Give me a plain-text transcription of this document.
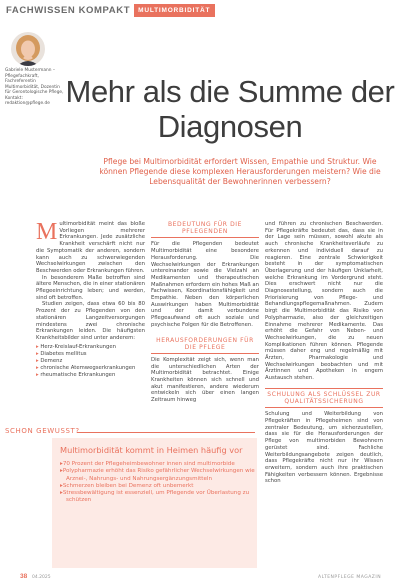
FACHWISSEN KOMPAKT	MULTIMORBIDITÄT
Gabriele Mustermann – Pflegefachkraft, Fachreferentin Multimorbidität, Dozentin für Gerontologische Pflege, Kontakt: redaktion@pflege.de Mehr als die Summe der Diagnosen
Pflege bei Multimorbidität erfordert Wissen, Empathie und Struktur. Wie können Pflegende diese komplexen Herausforderungen meistern? Wie die Lebensqualität der Bewohnerinnen verbessern?
M ultimorbidität meint das bloße Vorliegen mehrerer Erkrankungen. Jede zusätzliche Krankheit verschärft nicht nur die Symptomatik der anderen, sondern kann auch zu schwerwiegenden Wechselwirkungen zwischen den Beschwerden oder Erkrankungen führen.

In besonderem Maße betroffen sind ältere Menschen, die in einer stationären Pflegeeinrichtung leben; und werden, sind oft betroffen.

Studien zeigen, dass etwa 60 bis 80 Prozent der zu Pflegenden von den stationären Langzeitversorgungen mindestens zwei chronische Erkrankungen leiden. Die häufigsten Krankheitsbilder sind unter anderem:

▸ Herz-Kreislauf-Erkrankungen
▸ Diabetes mellitus
▸ Demenz
▸ chronische Atemwegserkrankungen
▸ rheumatische Erkrankungen
BEDEUTUNG FÜR DIE PFLEGENDEN
Für die Pflegenden bedeutet Multimorbidität eine besondere Herausforderung. Die Wechselwirkungen der Erkrankungen untereinander sowie die Vielzahl an Medikamenten und therapeutischen Maßnahmen erfordern ein hohes Maß an Fachwissen, Koordinationsfähigkeit und Empathie. Neben den körperlichen Auswirkungen haben Multimorbidität und der damit verbundene Pflegeaufwand oft auch soziale und psychische Folgen für die Betroffenen.
HERAUSFORDERUNGEN FÜR DIE PFLEGE
Die Komplexität zeigt sich, wenn man die unterschiedlichen Arten der Multimorbidität betrachtet. Einige Krankheiten können sich schnell und akut manifestieren, andere wiederum entwickeln sich über einen langen Zeitraum hinweg
und führen zu chronischen Beschwerden. Für Pflegekräfte bedeutet das, dass sie in der Lage sein müssen, sowohl akute als auch chronische Krankheitsverläufe zu erkennen und individuell darauf zu reagieren. Eine zentrale Schwierigkeit besteht in der symptomatischen Überlagerung und der häufigen Unklarheit, welche Erkrankung im Vordergrund steht. Dies erschwert nicht nur die Diagnosestellung, sondern auch die Priorisierung von Pflege- und Behandlungspflegemaßnahmen. Zudem birgt die Multimorbidität das Risiko von Polypharmazie, also der gleichzeitigen Einnahme mehrerer Medikamente. Das erhöht die Gefahr von Neben- und Wechselwirkungen, die zu neuen Komplikationen führen können. Pflegende müssen daher eng und regelmäßig mit Ärzten, Pharmakologie und Wechselwirkungen beobachten und mit Ärztinnen und Apotheken in engem Austausch stehen.
SCHULUNG ALS SCHLÜSSEL ZUR QUALITÄTSSICHERUNG
Schulung und Weiterbildung von Pflegekräften in Pflegeheimen sind von zentraler Bedeutung, um sicherzustellen, dass sie für die Herausforderungen der Pflege von multimorbiden Bewohnern gerüstet sind. Fachliche Weiterbildungsangebote zeigen deutlich, dass Pflegekräfte nicht nur ihr Wissen erweitern, sondern auch ihre praktischen Fähigkeiten verbessern können. Ergebnisse schon
SCHON GEWUSST?
Multimorbidität kommt in Heimen häufig vor
▸ 70 Prozent der Pflegeheimbewohner innen sind multimorbide
▸ Polypharmazie erhöht das Risiko gefährlicher Wechselwirkungen wie Arznei-, Nahrungs- und Nahrungsergänzungsmitteln
▸ Schmerzen bleiben bei Demenz oft unbemerkt
▸ Stressbewältigung ist essenziell, um Pflegende vor Überlastung zu schützen
38 04.2025	ALTENPFLEGE MAGAZIN
